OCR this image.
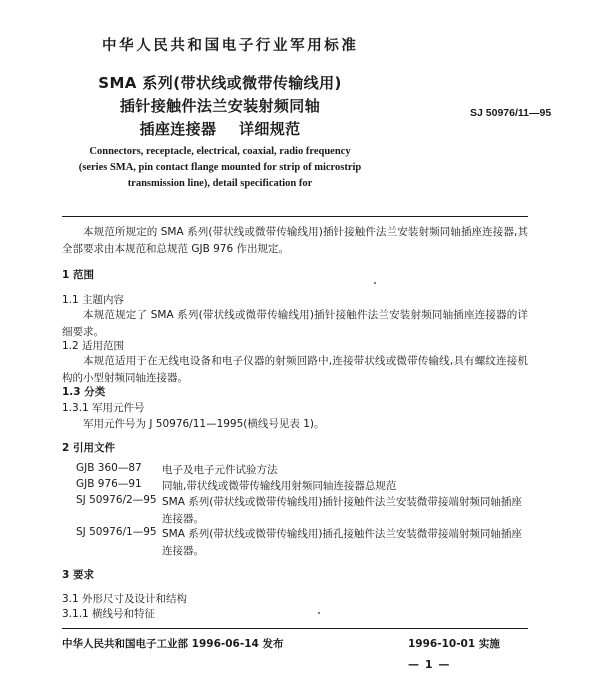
中华人民共和国电子行业军用标准
SMA 系列(带状线或微带传输线用)
插针接触件法兰安装射频同轴
插座连接器    详细规范
SJ 50976/11—95
Connectors, receptacle, electrical, coaxial, radio frequency
(series SMA, pin contact flange mounted for strip of microstrip
transmission line), detail specification for
本规范所规定的 SMA 系列(带状线或微带传输线用)插针接触件法兰安装射频同轴插座连接器,其全部要求由本规范和总规范 GJB 976 作出规定。
1 范围
1.1 主题内容
本规范规定了 SMA 系列(带状线或微带传输线用)插针接触件法兰安装射频同轴插座连接器的详细要求。
1.2 适用范围
本规范适用于在无线电设备和电子仪器的射频回路中,连接带状线或微带传输线,具有螺纹连接机构的小型射频同轴连接器。
1.3 分类
1.3.1 军用元件号
军用元件号为 J 50976/11—1995(横线号见表 1)。
2 引用文件
GJB 360—87 电子及电子元件试验方法
GJB 976—91 同轴,带状线或微带传输线用射频同轴连接器总规范
SJ 50976/2—95 SMA 系列(带状线或微带传输线用)插针接触件法兰安装微带接端射频同轴插座连接器。
SJ 50976/1—95 SMA 系列(带状线或微带传输线用)插孔接触件法兰安装微带接端射频同轴插座连接器。
3 要求
3.1 外形尺寸及设计和结构
3.1.1 横线号和特征
中华人民共和国电子工业部 1996-06-14 发布	1996-10-01 实施
— 1 —
